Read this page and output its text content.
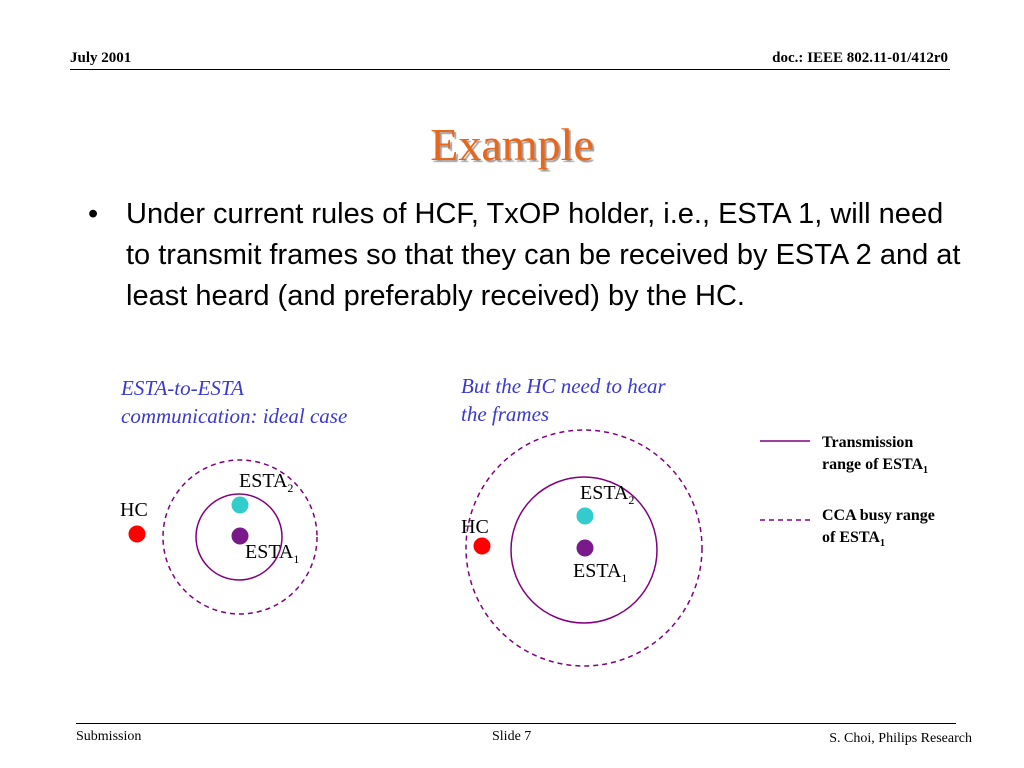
July 2001	doc.: IEEE 802.11-01/412r0
Example
• Under current rules of HCF, TxOP holder, i.e., ESTA 1, will need to transmit frames so that they can be received by ESTA 2 and at least heard (and preferably received) by the HC.
ESTA-to-ESTA
communication: ideal case
But the HC need to hear
the frames
HC
$ESTA_2$
$ESTA_1$
HC
$ESTA_2$
$ESTA_1$
Transmission
range of $ESTA_1$
CCA busy range
of $ESTA_1$
Submission	Slide 7	S. Choi, Philips Research
